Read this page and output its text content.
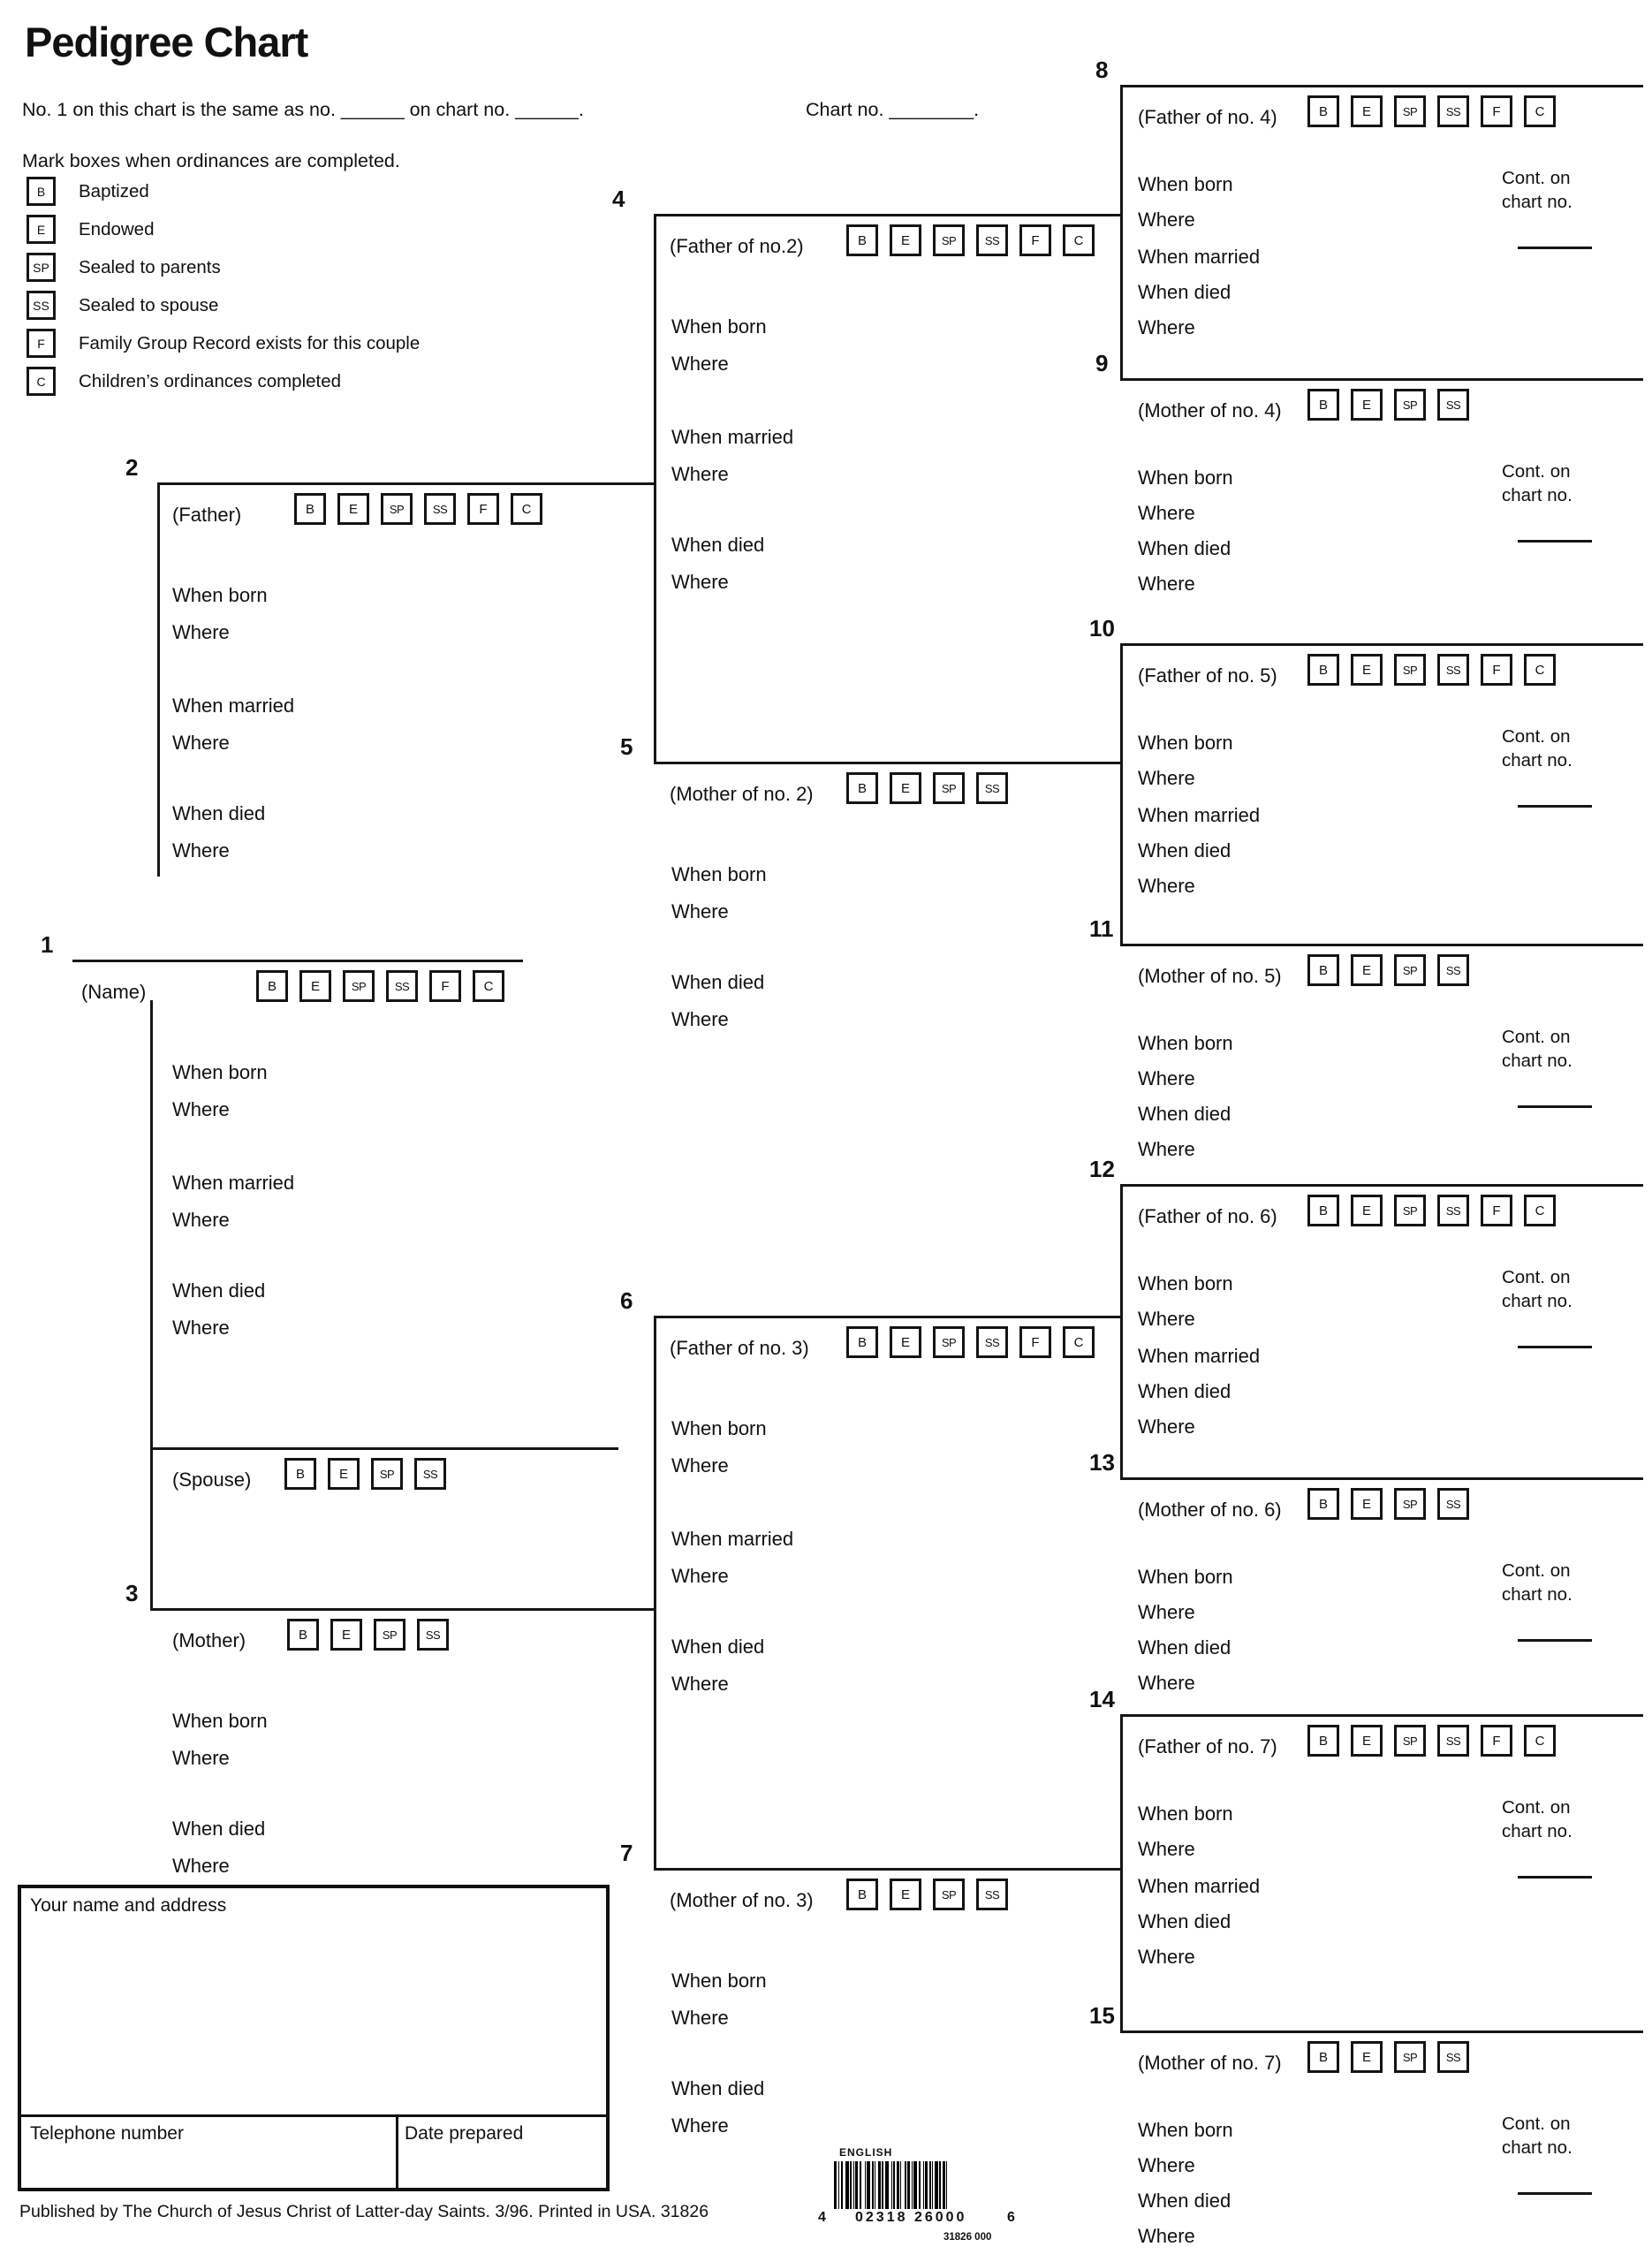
Pedigree Chart
No. 1 on this chart is the same as no. ______ on chart no. ______.	Chart no. ________.
Mark boxes when ordinances are completed.
B	Baptized
E	Endowed
SP	Sealed to parents
SS	Sealed to spouse
F	Family Group Record exists for this couple
C	Children’s ordinances completed
1
(Name)	B	E	SP	SS	F	C
When born
Where
When married
Where
When died
Where
(Spouse)	B	E	SP	SS
2
(Father)	B	E	SP	SS	F	C
When born
Where
When married
Where
When died
Where
3
(Mother)	B	E	SP	SS
When born
Where
When died
Where
4
(Father of no.2)	B	E	SP	SS	F	C
When born
Where
When married
Where
When died
Where
5
(Mother of no. 2)	B	E	SP	SS
When born
Where
When died
Where
6
(Father of no. 3)	B	E	SP	SS	F	C
When born
Where
When married
Where
When died
Where
7
(Mother of no. 3)	B	E	SP	SS
When born
Where
When died
Where
8
(Father of no. 4)	B	E	SP	SS	F	C
When born
Where
When married
When died
Where
Cont. on
chart no.
9
(Mother of no. 4)	B	E	SP	SS
When born
Where
When died
Where
Cont. on
chart no.
10
(Father of no. 5)	B	E	SP	SS	F	C
When born
Where
When married
When died
Where
Cont. on
chart no.
11
(Mother of no. 5)	B	E	SP	SS
When born
Where
When died
Where
Cont. on
chart no.
12
(Father of no. 6)	B	E	SP	SS	F	C
When born
Where
When married
When died
Where
Cont. on
chart no.
13
(Mother of no. 6)	B	E	SP	SS
When born
Where
When died
Where
Cont. on
chart no.
14
(Father of no. 7)	B	E	SP	SS	F	C
When born
Where
When married
When died
Where
Cont. on
chart no.
15
(Mother of no. 7)	B	E	SP	SS
When born
Where
When died
Where
Cont. on
chart no.
Your name and address
Telephone number	Date prepared
Published by The Church of Jesus Christ of Latter-day Saints. 3/96. Printed in USA. 31826
ENGLISH
4 02318 26000	6
31826 000
